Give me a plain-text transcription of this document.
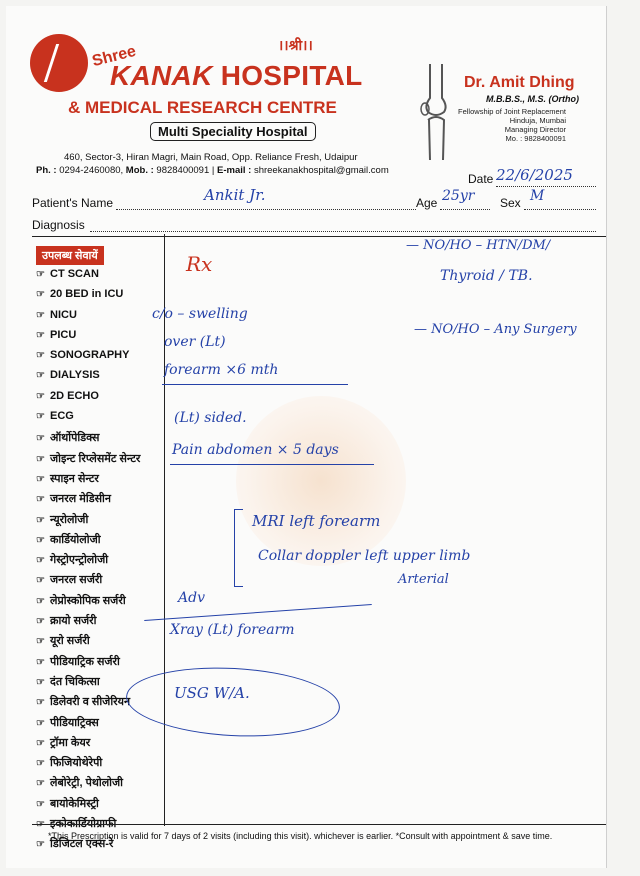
।।श्री।।
Shree
KANAK HOSPITAL
& MEDICAL RESEARCH CENTRE
Multi Speciality Hospital
460, Sector-3, Hiran Magri, Main Road, Opp. Reliance Fresh, Udaipur
Ph. : 0294-2460080, Mob. : 9828400091 | E-mail : shreekanakhospital@gmail.com
Dr. Amit Dhing
M.B.B.S., M.S. (Ortho)
Fellowship of Joint Replacement
Hinduja, Mumbai
Managing Director
Mo. : 9828400091
Date 22/6/2025
Patient's Name	Ankit Jr.	Age 25yr Sex M
Diagnosis
उपलब्ध सेवायें
☞ CT SCAN
☞ 20 BED in ICU
☞ NICU
☞ PICU
☞ SONOGRAPHY
☞ DIALYSIS
☞ 2D ECHO
☞ ECG
☞ ऑर्थोपेडिक्स
☞ जोइन्ट रिप्लेसमेंट सेन्टर
☞ स्पाइन सेन्टर
☞ जनरल मेडिसीन
☞ न्यूरोलोजी
☞ कार्डियोलोजी
☞ गेस्ट्रोएन्ट्रोलोजी
☞ जनरल सर्जरी
☞ लेप्रोस्कोपिक सर्जरी
☞ क्रायो सर्जरी
☞ यूरो सर्जरी
☞ पीडियाट्रिक सर्जरी
☞ दंत चिकित्सा
☞ डिलेवरी व सीजेरियन
☞ पीडियाट्रिक्स
☞ ट्रॉमा केयर
☞ फिजियोथेरेपी
☞ लेबोरेट्री, पेथोलोजी
☞ बायोकेमिस्ट्री
☞ इकोकार्डियोग्राफी
☞ डिजिटल एक्स-रे
Rx
— NO/HO – HTN/DM/
Thyroid / TB.
— NO/HO – Any Surgery
c/o – swelling
over (Lt)
forearm ×6 mth
(Lt) sided.
Pain abdomen × 5 days
MRI left forearm
Collar doppler left upper limb
Arterial
Adv
Xray (Lt) forearm
USG W/A.
*This Prescription is valid for 7 days of 2 visits (including this visit). whichever is earlier. *Consult with appointment & save time.
